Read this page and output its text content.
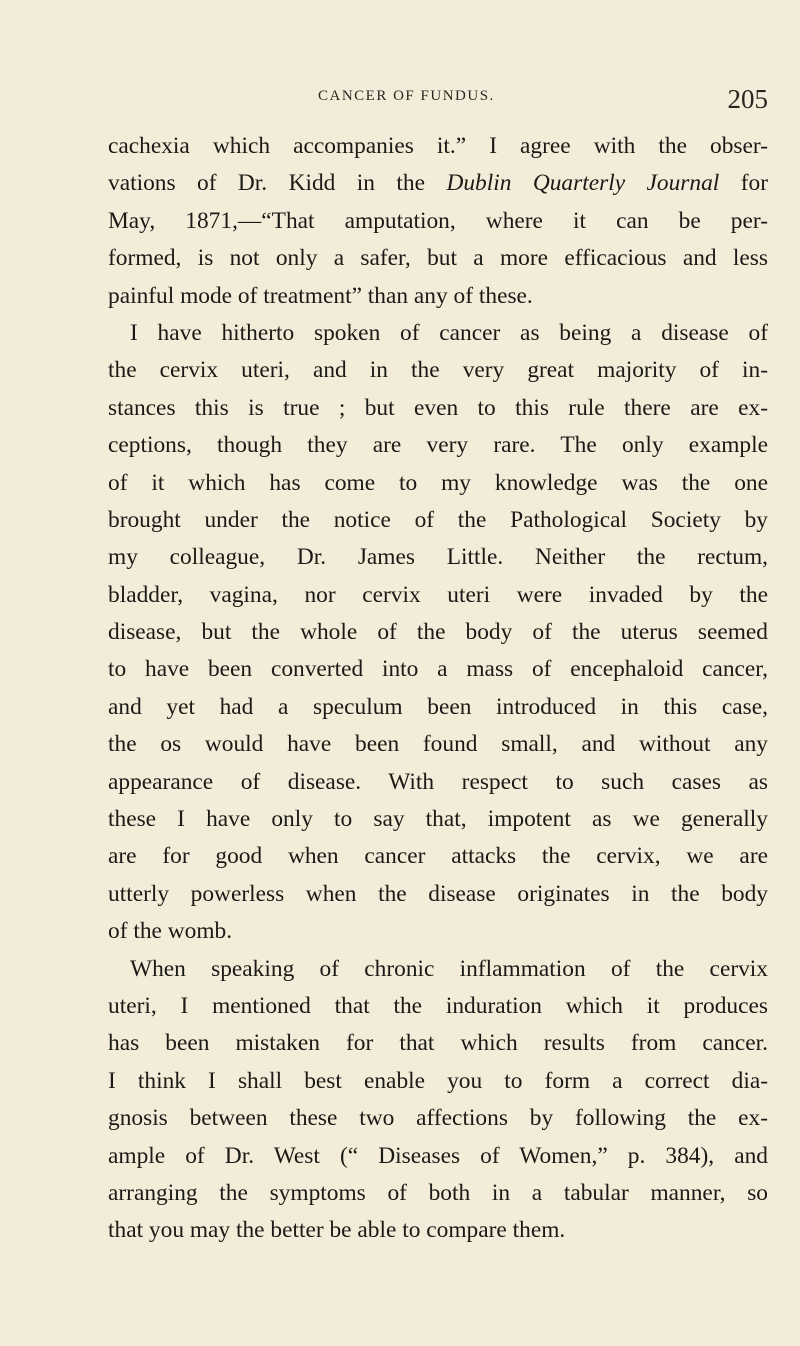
CANCER OF FUNDUS.	205
cachexia which accompanies it.” I agree with the obser-
vations of Dr. Kidd in the Dublin Quarterly Journal for
May, 1871,—“That amputation, where it can be per-
formed, is not only a safer, but a more efficacious and less
painful mode of treatment” than any of these.
I have hitherto spoken of cancer as being a disease of
the cervix uteri, and in the very great majority of in-
stances this is true ; but even to this rule there are ex-
ceptions, though they are very rare. The only example
of it which has come to my knowledge was the one
brought under the notice of the Pathological Society by
my colleague, Dr. James Little. Neither the rectum,
bladder, vagina, nor cervix uteri were invaded by the
disease, but the whole of the body of the uterus seemed
to have been converted into a mass of encephaloid cancer,
and yet had a speculum been introduced in this case,
the os would have been found small, and without any
appearance of disease. With respect to such cases as
these I have only to say that, impotent as we generally
are for good when cancer attacks the cervix, we are
utterly powerless when the disease originates in the body
of the womb.
When speaking of chronic inflammation of the cervix
uteri, I mentioned that the induration which it produces
has been mistaken for that which results from cancer.
I think I shall best enable you to form a correct dia-
gnosis between these two affections by following the ex-
ample of Dr. West (“ Diseases of Women,” p. 384), and
arranging the symptoms of both in a tabular manner, so
that you may the better be able to compare them.
